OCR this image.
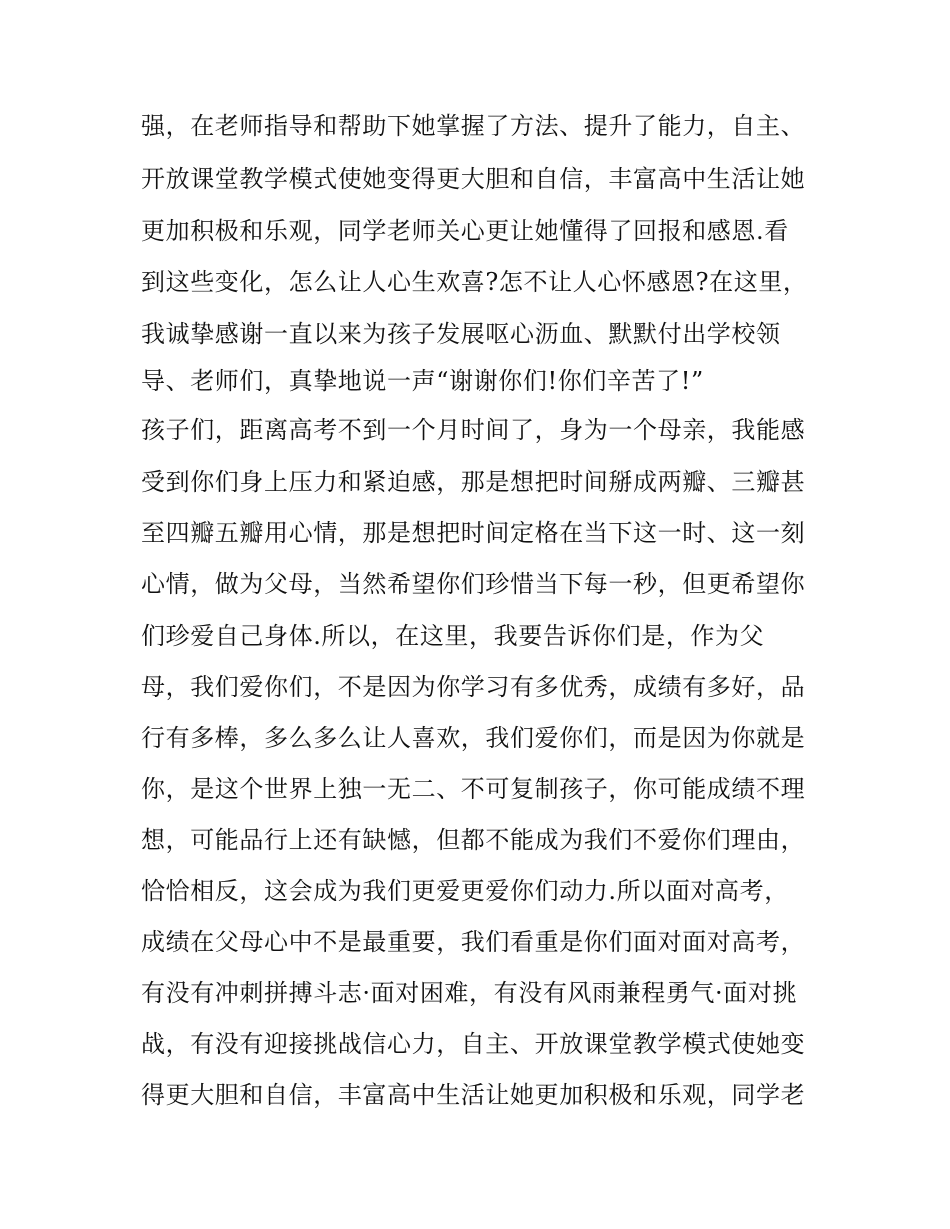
强，在老师指导和帮助下她掌握了方法、提升了能力，自主、
开放课堂教学模式使她变得更大胆和自信，丰富高中生活让她
更加积极和乐观，同学老师关心更让她懂得了回报和感恩.看
到这些变化，怎么让人心生欢喜?怎不让人心怀感恩?在这里，
我诚挚感谢一直以来为孩子发展呕心沥血、默默付出学校领
导、老师们，真挚地说一声“谢谢你们!你们辛苦了!”
孩子们，距离高考不到一个月时间了，身为一个母亲，我能感
受到你们身上压力和紧迫感，那是想把时间掰成两瓣、三瓣甚
至四瓣五瓣用心情，那是想把时间定格在当下这一时、这一刻
心情，做为父母，当然希望你们珍惜当下每一秒，但更希望你
们珍爱自己身体.所以，在这里，我要告诉你们是，作为父
母，我们爱你们，不是因为你学习有多优秀，成绩有多好，品
行有多棒，多么多么让人喜欢，我们爱你们，而是因为你就是
你，是这个世界上独一无二、不可复制孩子，你可能成绩不理
想，可能品行上还有缺憾，但都不能成为我们不爱你们理由，
恰恰相反，这会成为我们更爱更爱你们动力.所以面对高考，
成绩在父母心中不是最重要，我们看重是你们面对面对高考，
有没有冲刺拼搏斗志·面对困难，有没有风雨兼程勇气·面对挑
战，有没有迎接挑战信心力，自主、开放课堂教学模式使她变
得更大胆和自信，丰富高中生活让她更加积极和乐观，同学老
